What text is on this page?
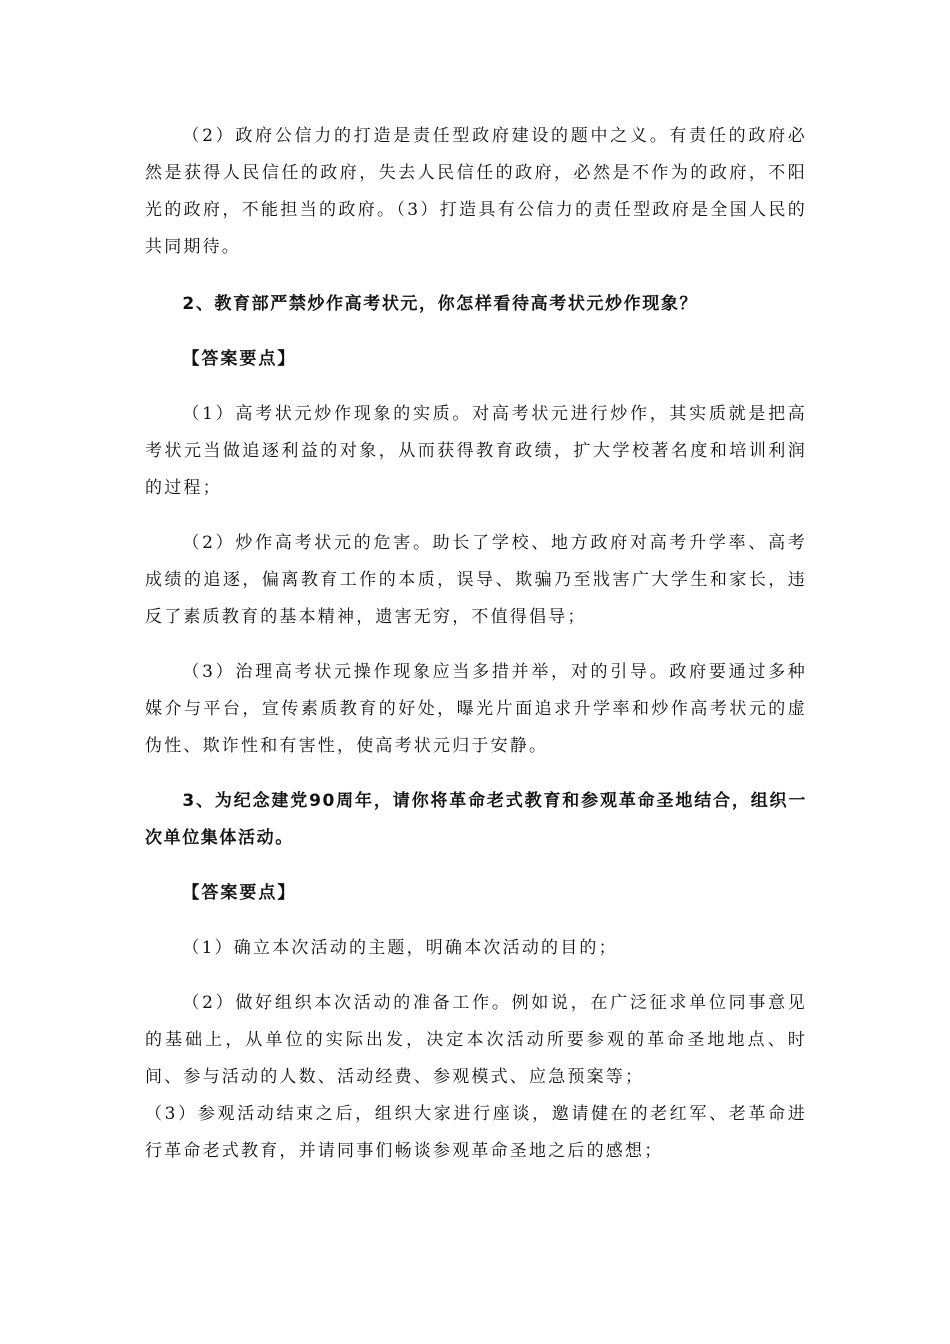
（2）政府公信力的打造是责任型政府建设的题中之义。有责任的政府必然是获得人民信任的政府，失去人民信任的政府，必然是不作为的政府，不阳光的政府，不能担当的政府。（3）打造具有公信力的责任型政府是全国人民的共同期待。

2、教育部严禁炒作高考状元，你怎样看待高考状元炒作现象？

【答案要点】

（1）高考状元炒作现象的实质。对高考状元进行炒作，其实质就是把高考状元当做追逐利益的对象，从而获得教育政绩，扩大学校著名度和培训利润的过程；

（2）炒作高考状元的危害。助长了学校、地方政府对高考升学率、高考成绩的追逐，偏离教育工作的本质，误导、欺骗乃至戕害广大学生和家长，违反了素质教育的基本精神，遗害无穷，不值得倡导；

（3）治理高考状元操作现象应当多措并举，对的引导。政府要通过多种媒介与平台，宣传素质教育的好处，曝光片面追求升学率和炒作高考状元的虚伪性、欺诈性和有害性，使高考状元归于安静。

3、为纪念建党90周年，请你将革命老式教育和参观革命圣地结合，组织一次单位集体活动。

【答案要点】

（1）确立本次活动的主题，明确本次活动的目的；

（2）做好组织本次活动的准备工作。例如说，在广泛征求单位同事意见的基础上，从单位的实际出发，决定本次活动所要参观的革命圣地地点、时间、参与活动的人数、活动经费、参观模式、应急预案等；

（3）参观活动结束之后，组织大家进行座谈，邀请健在的老红军、老革命进行革命老式教育，并请同事们畅谈参观革命圣地之后的感想；
